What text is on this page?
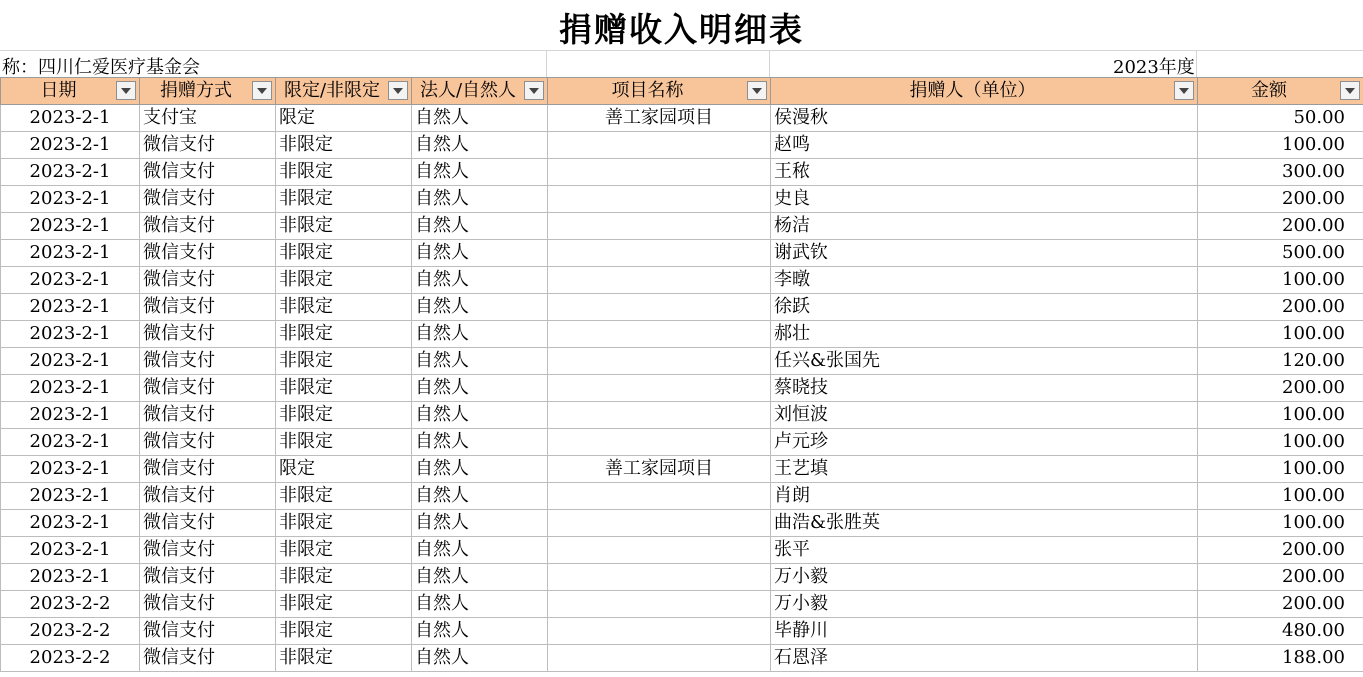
捐赠收入明细表
称：四川仁爱医疗基金会	2023年度
日期	捐赠方式	限定/非限定	法人/自然人	项目名称	捐赠人（单位）	金额

2023-2-1	支付宝	限定	自然人	善工家园项目	侯漫秋	50.00
2023-2-1	微信支付	非限定	自然人		赵鸣	100.00
2023-2-1	微信支付	非限定	自然人		王秾	300.00
2023-2-1	微信支付	非限定	自然人		史良	200.00
2023-2-1	微信支付	非限定	自然人		杨洁	200.00
2023-2-1	微信支付	非限定	自然人		谢武钦	500.00
2023-2-1	微信支付	非限定	自然人		李暾	100.00
2023-2-1	微信支付	非限定	自然人		徐跃	200.00
2023-2-1	微信支付	非限定	自然人		郝壮	100.00
2023-2-1	微信支付	非限定	自然人		任兴&张国先	120.00
2023-2-1	微信支付	非限定	自然人		蔡晓技	200.00
2023-2-1	微信支付	非限定	自然人		刘恒波	100.00
2023-2-1	微信支付	非限定	自然人		卢元珍	100.00
2023-2-1	微信支付	限定	自然人	善工家园项目	王艺填	100.00
2023-2-1	微信支付	非限定	自然人		肖朗	100.00
2023-2-1	微信支付	非限定	自然人		曲浩&张胜英	100.00
2023-2-1	微信支付	非限定	自然人		张平	200.00
2023-2-1	微信支付	非限定	自然人		万小毅	200.00
2023-2-2	微信支付	非限定	自然人		万小毅	200.00
2023-2-2	微信支付	非限定	自然人		毕静川	480.00
2023-2-2	微信支付	非限定	自然人		石恩泽	188.00
